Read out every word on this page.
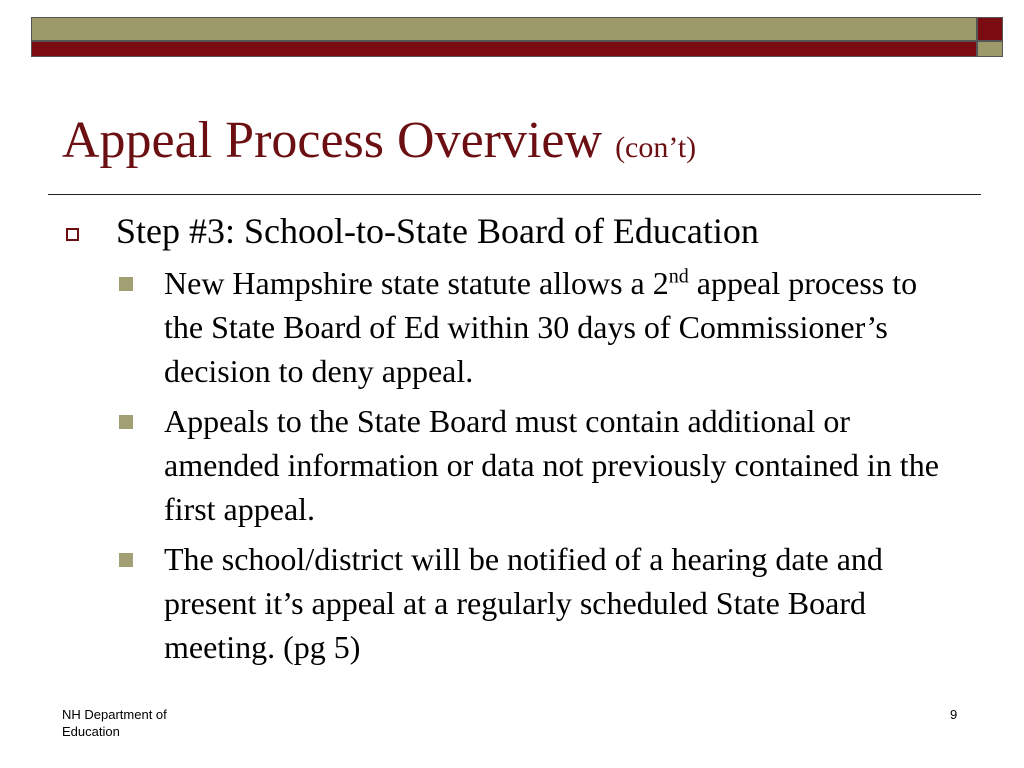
Appeal Process Overview (con’t)
Step #3: School-to-State Board of Education
New Hampshire state statute allows a 2nd appeal process to the State Board of Ed within 30 days of Commissioner’s decision to deny appeal.
Appeals to the State Board must contain additional or amended information or data not previously contained in the first appeal.
The school/district will be notified of a hearing date and present it’s appeal at a regularly scheduled State Board meeting. (pg 5)
NH Department of Education
9
